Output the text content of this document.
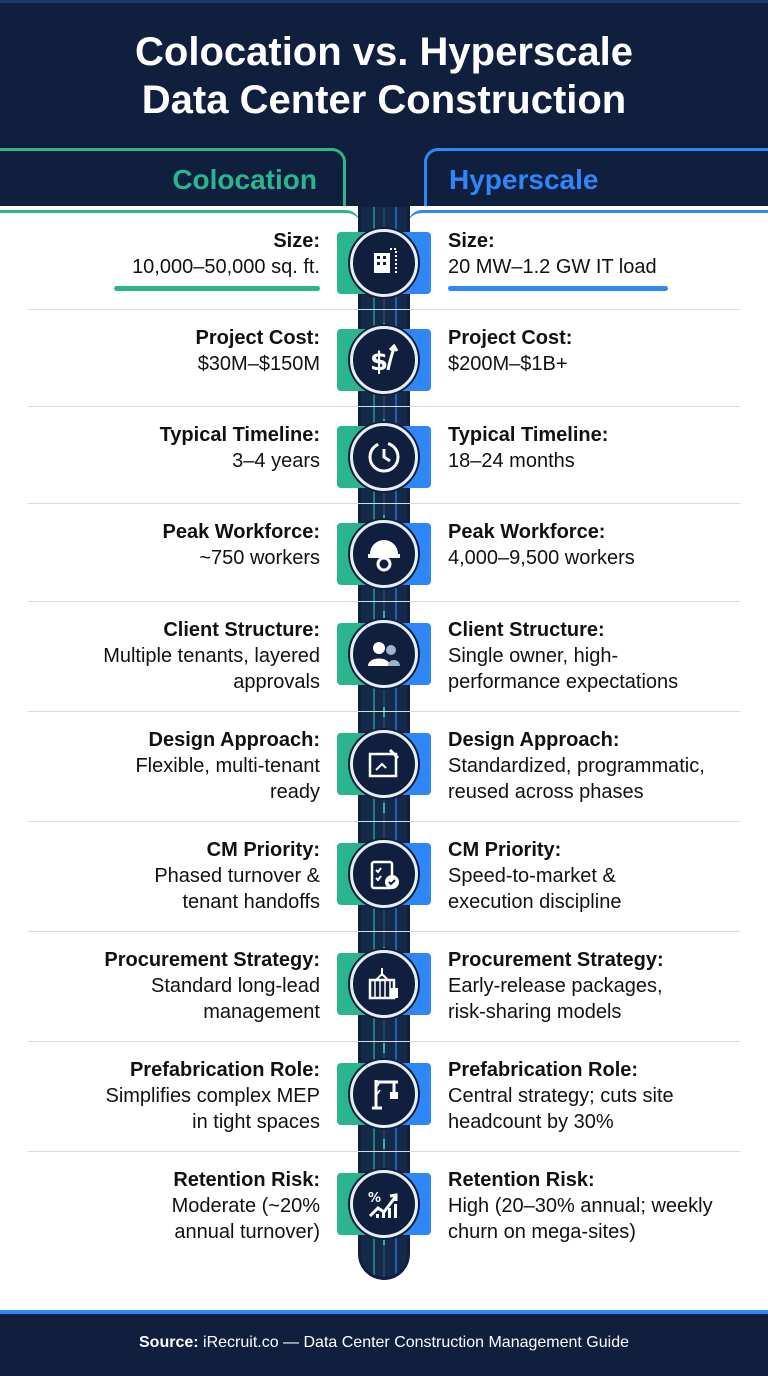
Colocation vs. Hyperscale
Data Center Construction
Colocation	Hyperscale
Size:
10,000–50,000 sq. ft.
Size:
20 MW–1.2 GW IT load
Project Cost:
$30M–$150M
Project Cost:
$200M–$1B+
$
Typical Timeline:
3–4 years
Typical Timeline:
18–24 months
Peak Workforce:
~750 workers
Peak Workforce:
4,000–9,500 workers
Client Structure:
Multiple tenants, layered
approvals
Client Structure:
Single owner, high-
performance expectations
Design Approach:
Flexible, multi-tenant
ready
Design Approach:
Standardized, programmatic,
reused across phases
CM Priority:
Phased turnover &
tenant handoffs
CM Priority:
Speed-to-market &
execution discipline
Procurement Strategy:
Standard long-lead
management
Procurement Strategy:
Early-release packages,
risk-sharing models
Prefabrication Role:
Simplifies complex MEP
in tight spaces
Prefabrication Role:
Central strategy; cuts site
headcount by 30%
Retention Risk:
Moderate (~20%
annual turnover)
Retention Risk:
High (20–30% annual; weekly
churn on mega-sites)
%
Source: iRecruit.co — Data Center Construction Management Guide
